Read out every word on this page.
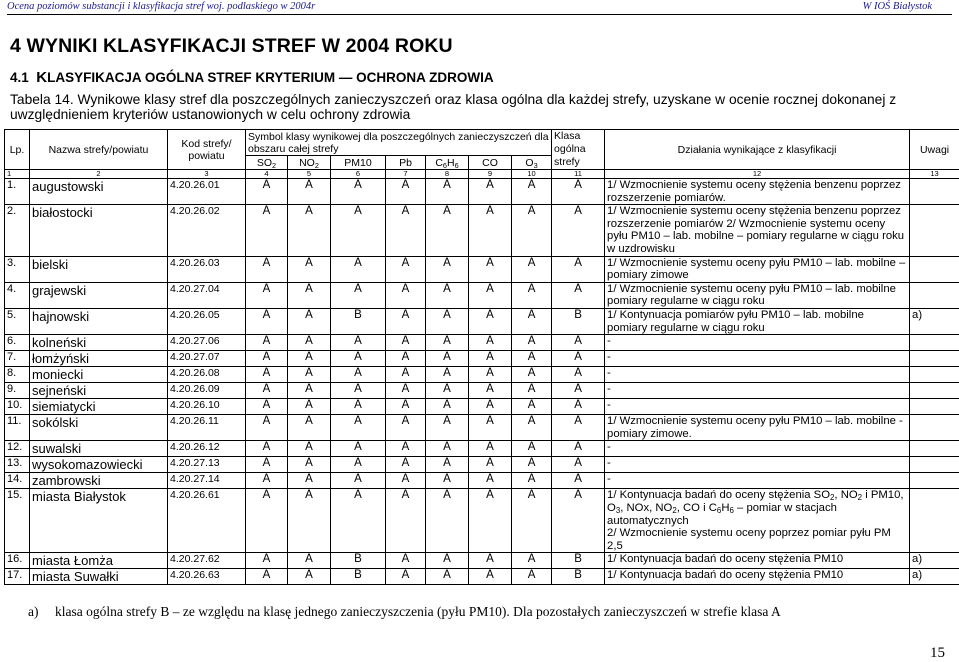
Ocena poziomów substancji i klasyfikacja stref woj. podlaskiego w 2004r	W IOŚ Białystok
4 WYNIKI KLASYFIKACJI STREF W 2004 ROKU
4.1 KLASYFIKACJA OGÓLNA STREF KRYTERIUM — OCHRONA ZDROWIA
Tabela 14. Wynikowe klasy stref dla poszczególnych zanieczyszczeń oraz klasa ogólna dla każdej strefy, uzyskane w ocenie rocznej dokonanej z uwzględnieniem kryteriów ustanowionych w celu ochrony zdrowia
Lp.	Nazwa strefy/powiatu	Kod strefy/ powiatu	Symbol klasy wynikowej dla poszczególnych zanieczyszczeń dla obszaru całej strefy							Klasa ogólna strefy	Działania wynikające z klasyfikacji	Uwagi
			$SO_2$	$NO_2$	PM10	Pb	$C_6H_6$	CO	$O_3$
1	2	3	4	5	6	7	8	9	10	11	12	13
1.	augustowski	4.20.26.01	A	A	A	A	A	A	A	A	1/ Wzmocnienie systemu oceny stężenia benzenu poprzez rozszerzenie pomiarów.	
2.	białostocki	4.20.26.02	A	A	A	A	A	A	A	A	1/ Wzmocnienie systemu oceny stężenia benzenu poprzez rozszerzenie pomiarów 2/ Wzmocnienie systemu oceny pyłu PM10 – lab. mobilne – pomiary regularne w ciągu roku w uzdrowisku	
3.	bielski	4.20.26.03	A	A	A	A	A	A	A	A	1/ Wzmocnienie systemu oceny pyłu PM10 – lab. mobilne – pomiary zimowe	
4.	grajewski	4.20.27.04	A	A	A	A	A	A	A	A	1/ Wzmocnienie systemu oceny pyłu PM10 – lab. mobilne pomiary regularne w ciągu roku	
5.	hajnowski	4.20.26.05	A	A	B	A	A	A	A	B	1/ Kontynuacja pomiarów pyłu PM10 – lab. mobilne pomiary regularne w ciągu roku	a)
6.	kolneński	4.20.27.06	A	A	A	A	A	A	A	A	-	
7.	łomżyński	4.20.27.07	A	A	A	A	A	A	A	A	-	
8.	moniecki	4.20.26.08	A	A	A	A	A	A	A	A	-	
9.	sejneński	4.20.26.09	A	A	A	A	A	A	A	A	-	
10.	siemiatycki	4.20.26.10	A	A	A	A	A	A	A	A	-	
11.	sokólski	4.20.26.11	A	A	A	A	A	A	A	A	1/ Wzmocnienie systemu oceny pyłu PM10 – lab. mobilne - pomiary zimowe.	
12.	suwalski	4.20.26.12	A	A	A	A	A	A	A	A	-	
13.	wysokomazowiecki	4.20.27.13	A	A	A	A	A	A	A	A	-	
14.	zambrowski	4.20.27.14	A	A	A	A	A	A	A	A	-	
15.	miasta Białystok	4.20.26.61	A	A	A	A	A	A	A	A	1/ Kontynuacja badań do oceny stężenia $SO_2$, $NO_2$ i PM10, $O_3$, NOx, $NO_2$, CO i $C_6H_6$ – pomiar w stacjach automatycznych
2/ Wzmocnienie systemu oceny poprzez pomiar pyłu PM 2,5	
16.	miasta Łomża	4.20.27.62	A	A	B	A	A	A	A	B	1/ Kontynuacja badań do oceny stężenia PM10	a)
17.	miasta Suwałki	4.20.26.63	A	A	B	A	A	A	A	B	1/ Kontynuacja badań do oceny stężenia PM10	a)
a) klasa ogólna strefy B – ze względu na klasę jednego zanieczyszczenia (pyłu PM10). Dla pozostałych zanieczyszczeń w strefie klasa A
15
